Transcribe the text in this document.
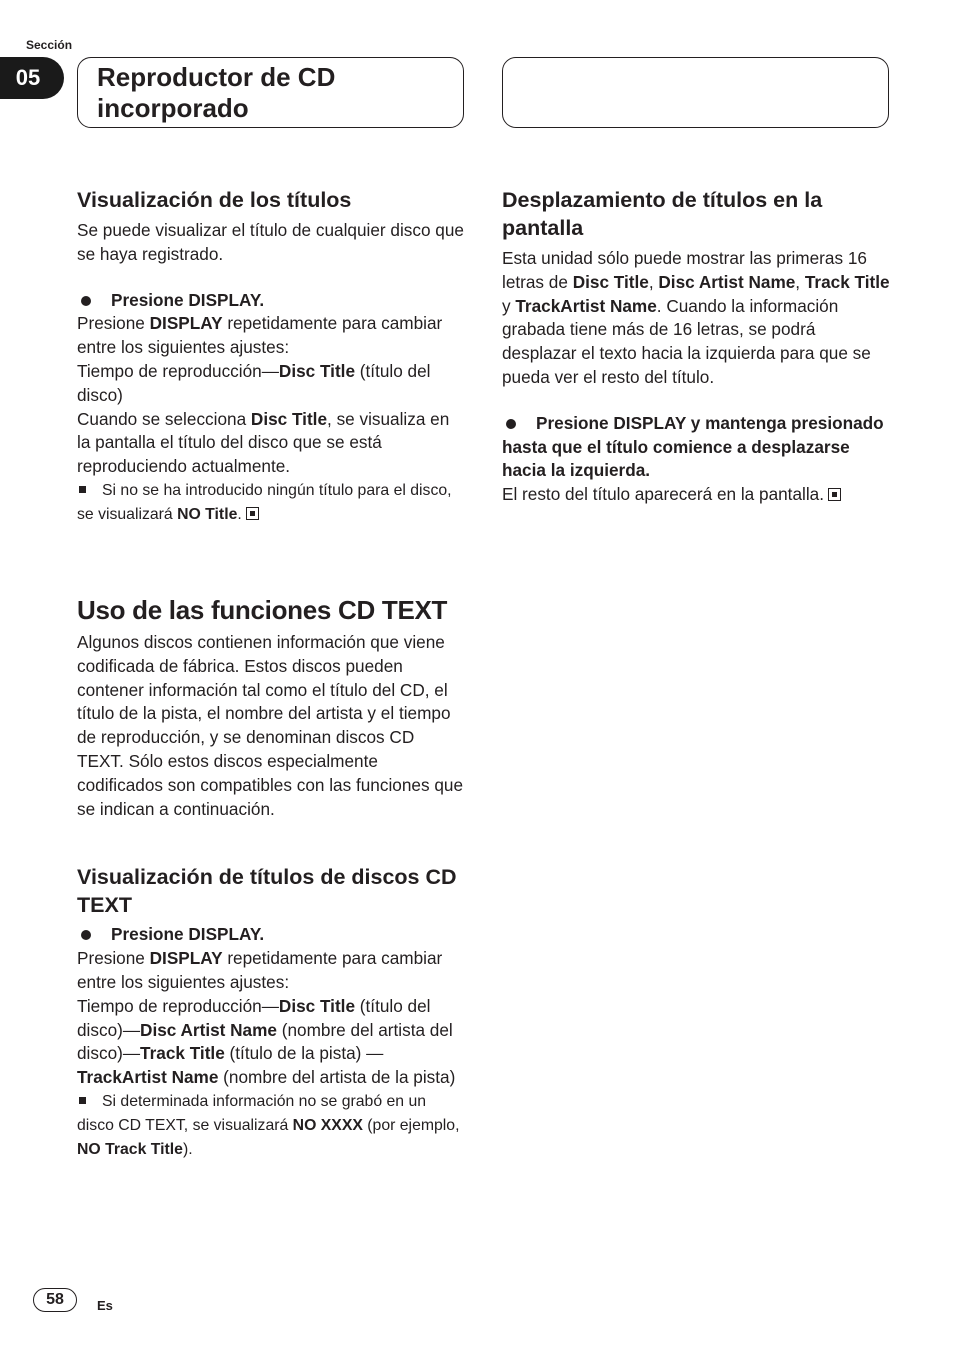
Sección
05	Reproductor de CD incorporado
Visualización de los títulos

Se puede visualizar el título de cualquier disco que se haya registrado.

Presione DISPLAY.

Presione DISPLAY repetidamente para cambiar entre los siguientes ajustes:

Tiempo de reproducción—Disc Title (título del disco)

Cuando se selecciona Disc Title, se visualiza en la pantalla el título del disco que se está reproduciendo actualmente.

Si no se ha introducido ningún título para el disco, se visualizará NO Title.

Uso de las funciones CD TEXT

Algunos discos contienen información que viene codificada de fábrica. Estos discos pueden contener información tal como el título del CD, el título de la pista, el nombre del artista y el tiempo de reproducción, y se denominan discos CD TEXT. Sólo estos discos especialmente codificados son compatibles con las funciones que se indican a continuación.

Visualización de títulos de discos CD TEXT

Presione DISPLAY.

Presione DISPLAY repetidamente para cambiar entre los siguientes ajustes:

Tiempo de reproducción—Disc Title (título del disco)—Disc Artist Name (nombre del artista del disco)—Track Title (título de la pista) —TrackArtist Name (nombre del artista de la pista)

Si determinada información no se grabó en un disco CD TEXT, se visualizará NO XXXX (por ejemplo, NO Track Title).

Desplazamiento de títulos en la pantalla

Esta unidad sólo puede mostrar las primeras 16 letras de Disc Title, Disc Artist Name, Track Title y TrackArtist Name. Cuando la información grabada tiene más de 16 letras, se podrá desplazar el texto hacia la izquierda para que se pueda ver el resto del título.

Presione DISPLAY y mantenga presionado hasta que el título comience a desplazarse hacia la izquierda.

El resto del título aparecerá en la pantalla.

58	Es
